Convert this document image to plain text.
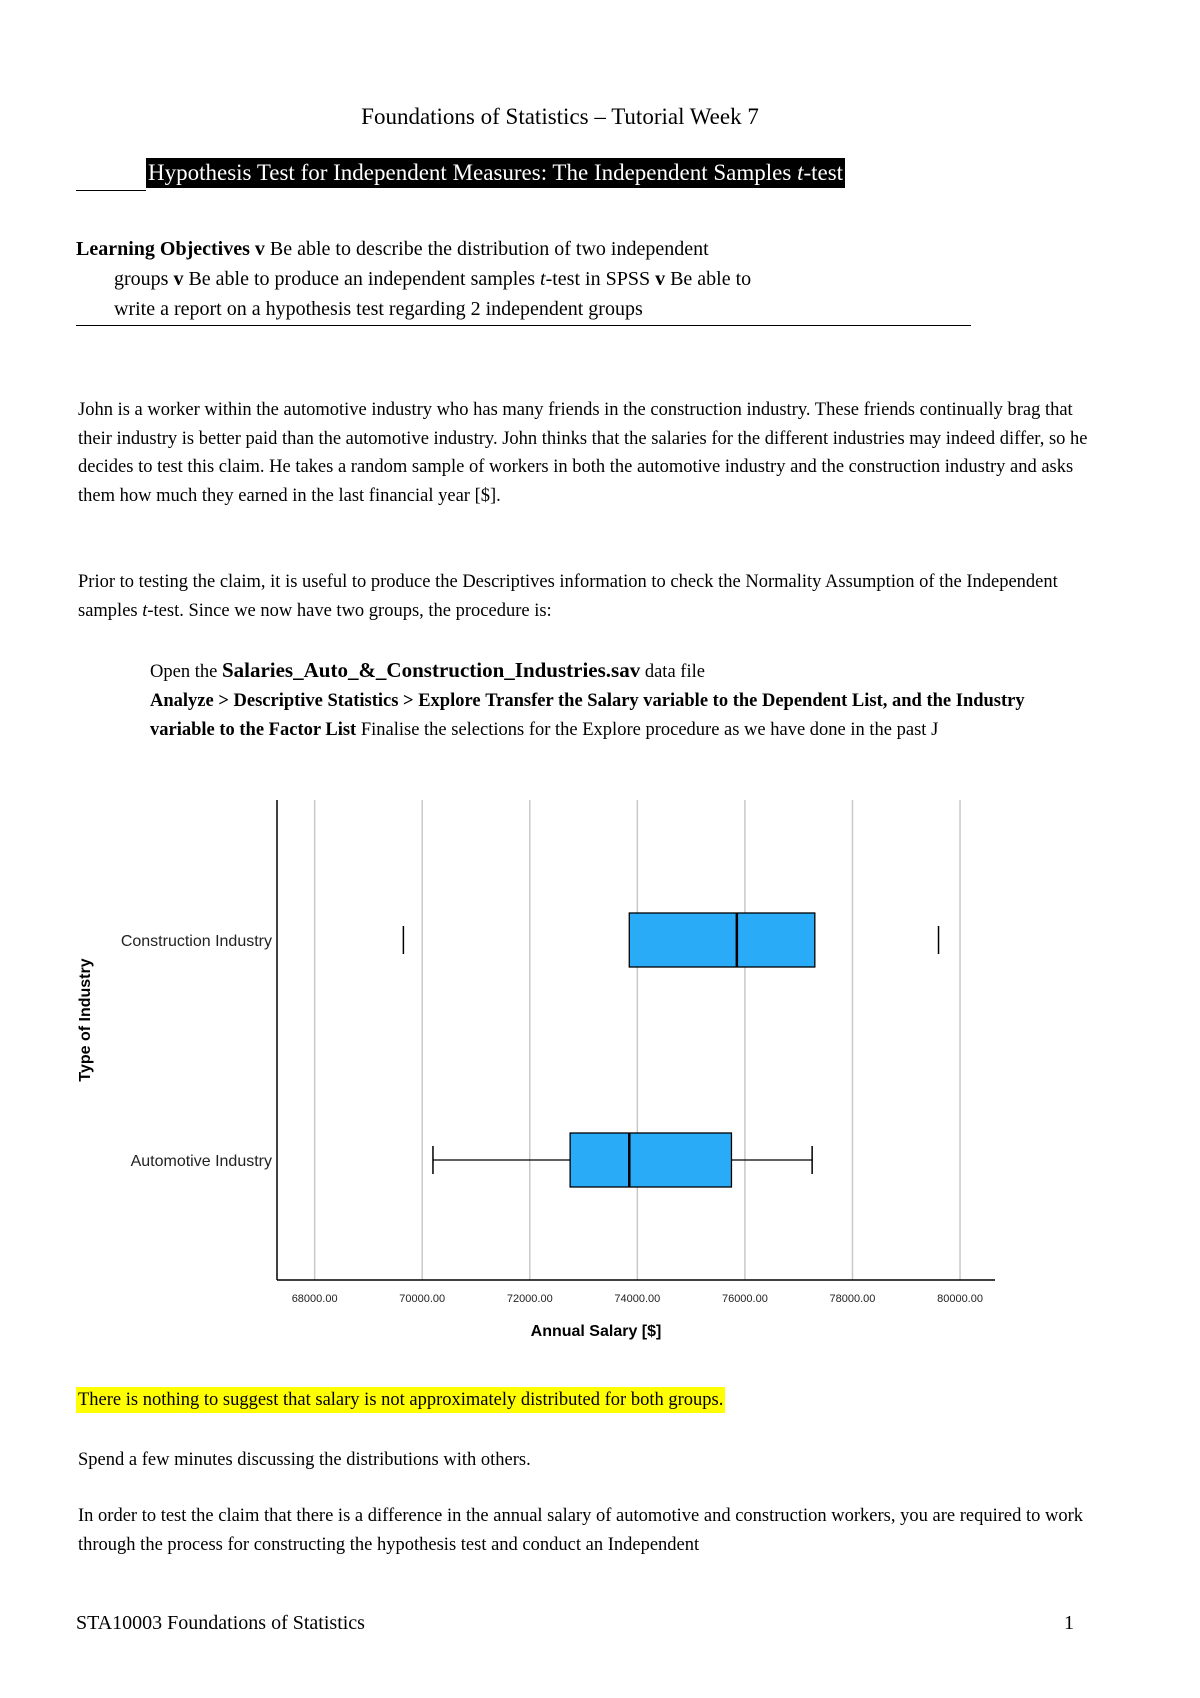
Foundations of Statistics – Tutorial Week 7
Hypothesis Test for Independent Measures: The Independent Samples t-test
Learning Objectives v Be able to describe the distribution of two independent
groups v Be able to produce an independent samples t-test in SPSS v Be able to
write a report on a hypothesis test regarding 2 independent groups
John is a worker within the automotive industry who has many friends in the construction industry. These friends continually brag that their industry is better paid than the automotive industry. John thinks that the salaries for the different industries may indeed differ, so he decides to test this claim. He takes a random sample of workers in both the automotive industry and the construction industry and asks them how much they earned in the last financial year [$].
Prior to testing the claim, it is useful to produce the Descriptives information to check the Normality Assumption of the Independent samples t-test. Since we now have two groups, the procedure is:
Open the Salaries_Auto_&_Construction_Industries.sav data file
Analyze > Descriptive Statistics > Explore Transfer the Salary variable to the Dependent List, and the Industry variable to the Factor List Finalise the selections for the Explore procedure as we have done in the past J
68000.00	70000.00	72000.00	74000.00	76000.00	78000.00	80000.00
Construction Industry
Automotive Industry
Annual Salary [$]
Type of Industry
There is nothing to suggest that salary is not approximately distributed for both groups.
Spend a few minutes discussing the distributions with others.
In order to test the claim that there is a difference in the annual salary of automotive and construction workers, you are required to work through the process for constructing the hypothesis test and conduct an Independent
STA10003 Foundations of Statistics	1
